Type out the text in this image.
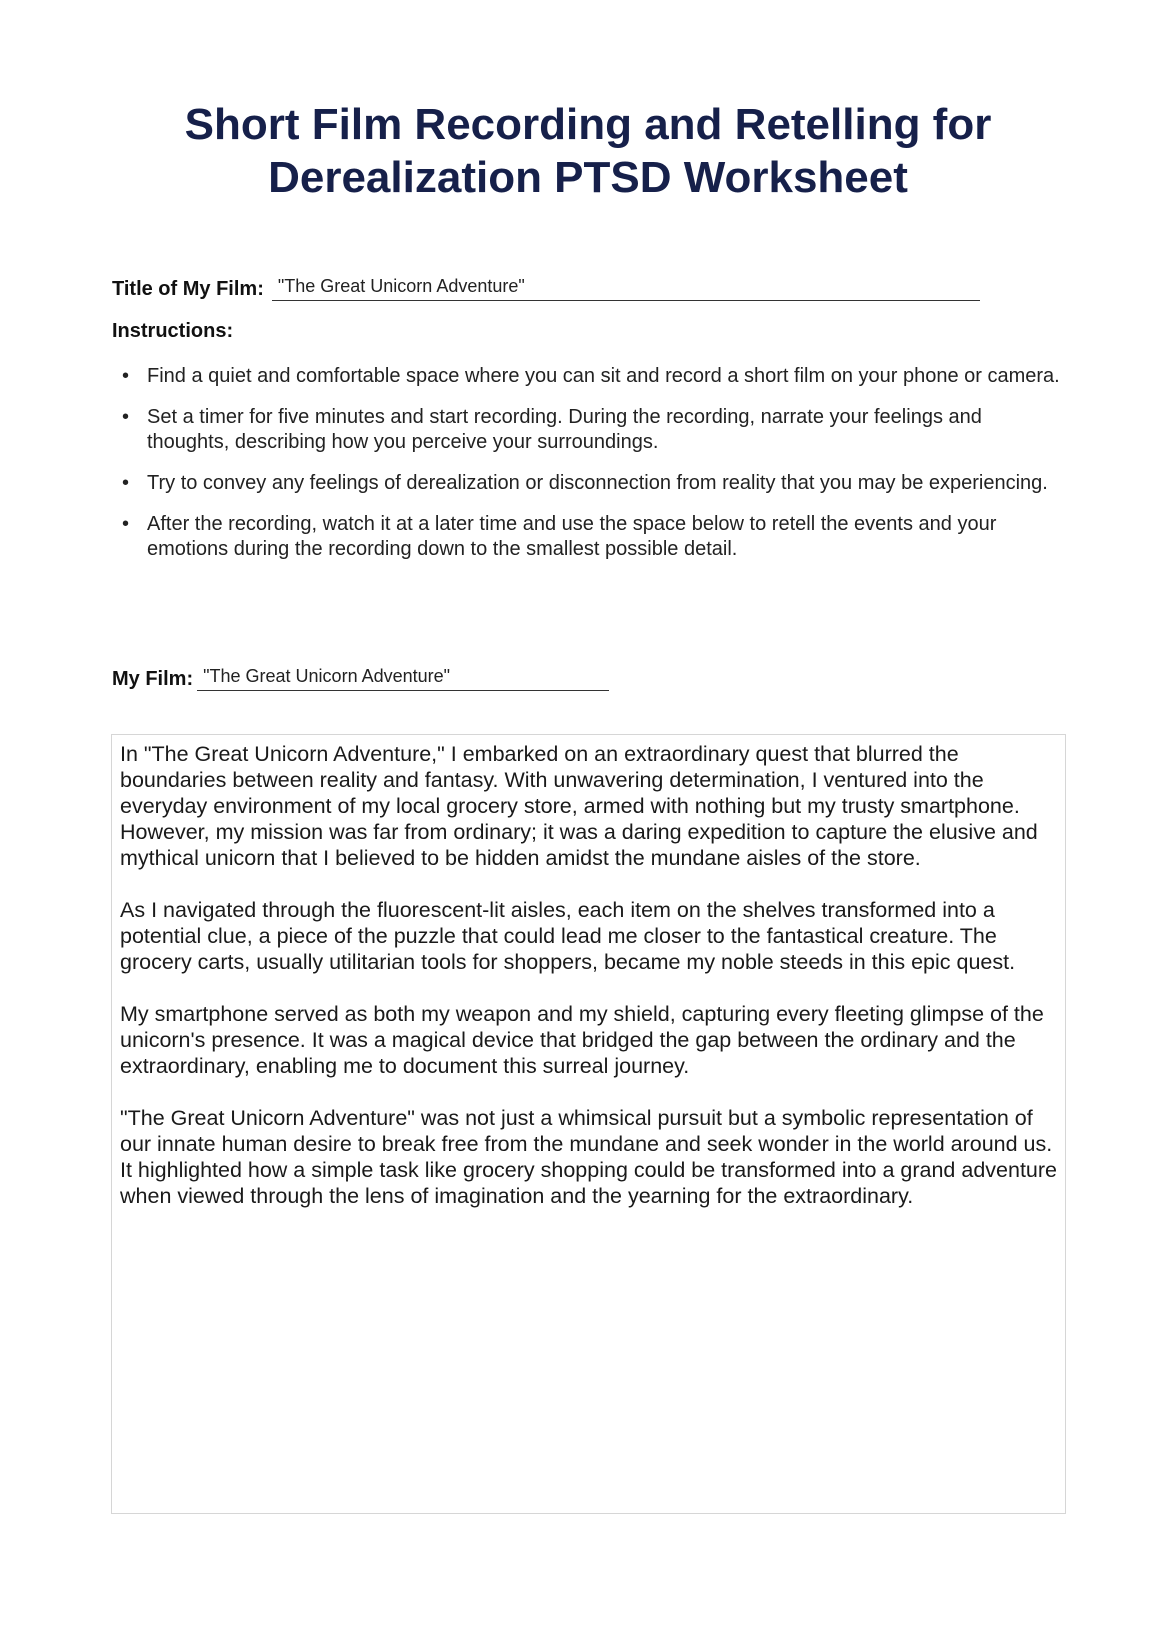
Short Film Recording and Retelling for
Derealization PTSD Worksheet
Title of My Film: "The Great Unicorn Adventure"
Instructions:
• Find a quiet and comfortable space where you can sit and record a short film on your phone or camera.
• Set a timer for five minutes and start recording. During the recording, narrate your feelings and thoughts, describing how you perceive your surroundings.
• Try to convey any feelings of derealization or disconnection from reality that you may be experiencing.
• After the recording, watch it at a later time and use the space below to retell the events and your emotions during the recording down to the smallest possible detail.
My Film: "The Great Unicorn Adventure"

In "The Great Unicorn Adventure," I embarked on an extraordinary quest that blurred the boundaries between reality and fantasy. With unwavering determination, I ventured into the everyday environment of my local grocery store, armed with nothing but my trusty smartphone. However, my mission was far from ordinary; it was a daring expedition to capture the elusive and mythical unicorn that I believed to be hidden amidst the mundane aisles of the store.

As I navigated through the fluorescent-lit aisles, each item on the shelves transformed into a potential clue, a piece of the puzzle that could lead me closer to the fantastical creature. The grocery carts, usually utilitarian tools for shoppers, became my noble steeds in this epic quest.

My smartphone served as both my weapon and my shield, capturing every fleeting glimpse of the unicorn's presence. It was a magical device that bridged the gap between the ordinary and the extraordinary, enabling me to document this surreal journey.

"The Great Unicorn Adventure" was not just a whimsical pursuit but a symbolic representation of our innate human desire to break free from the mundane and seek wonder in the world around us. It highlighted how a simple task like grocery shopping could be transformed into a grand adventure when viewed through the lens of imagination and the yearning for the extraordinary.
